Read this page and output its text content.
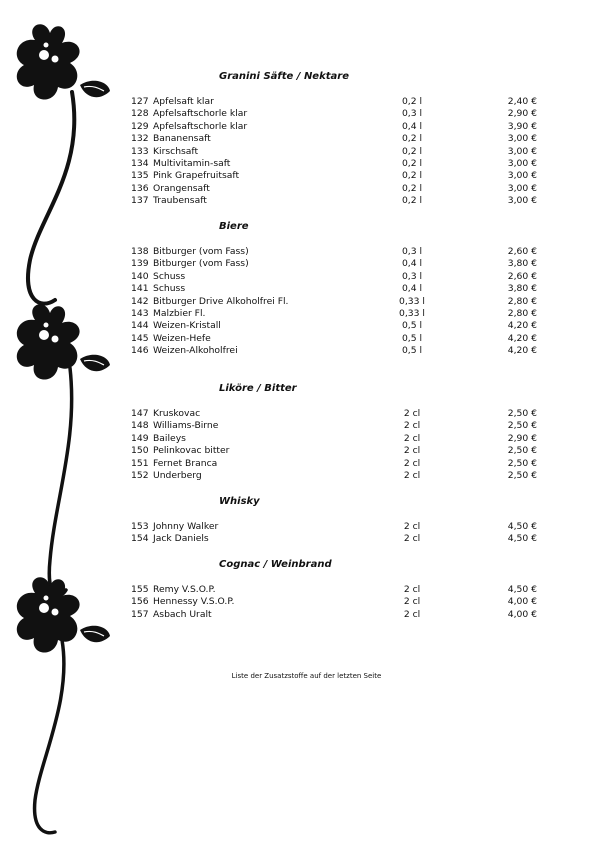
Granini Säfte / Nektare
127 Apfelsaft klar	0,2 l	2,40 €
128 Apfelsaftschorle klar	0,3 l	2,90 €
129 Apfelsaftschorle klar	0,4 l	3,90 €
132 Bananensaft	0,2 l	3,00 €
133 Kirschsaft	0,2 l	3,00 €
134 Multivitamin-saft	0,2 l	3,00 €
135 Pink Grapefruitsaft	0,2 l	3,00 €
136 Orangensaft	0,2 l	3,00 €
137 Traubensaft	0,2 l	3,00 €
Biere
138 Bitburger (vom Fass)	0,3 l	2,60 €
139 Bitburger (vom Fass)	0,4 l	3,80 €
140 Schuss	0,3 l	2,60 €
141 Schuss	0,4 l	3,80 €
142 Bitburger Drive Alkoholfrei Fl.	0,33 l	2,80 €
143 Malzbier Fl.	0,33 l	2,80 €
144 Weizen-Kristall	0,5 l	4,20 €
145 Weizen-Hefe	0,5 l	4,20 €
146 Weizen-Alkoholfrei	0,5 l	4,20 €
Liköre / Bitter
147 Kruskovac	2 cl	2,50 €
148 Williams-Birne	2 cl	2,50 €
149 Baileys	2 cl	2,90 €
150 Pelinkovac bitter	2 cl	2,50 €
151 Fernet Branca	2 cl	2,50 €
152 Underberg	2 cl	2,50 €
Whisky
153 Johnny Walker	2 cl	4,50 €
154 Jack Daniels	2 cl	4,50 €
Cognac / Weinbrand
155 Remy V.S.O.P.	2 cl	4,50 €
156 Hennessy V.S.O.P.	2 cl	4,00 €
157 Asbach Uralt	2 cl	4,00 €
Liste der Zusatzstoffe auf der letzten Seite
